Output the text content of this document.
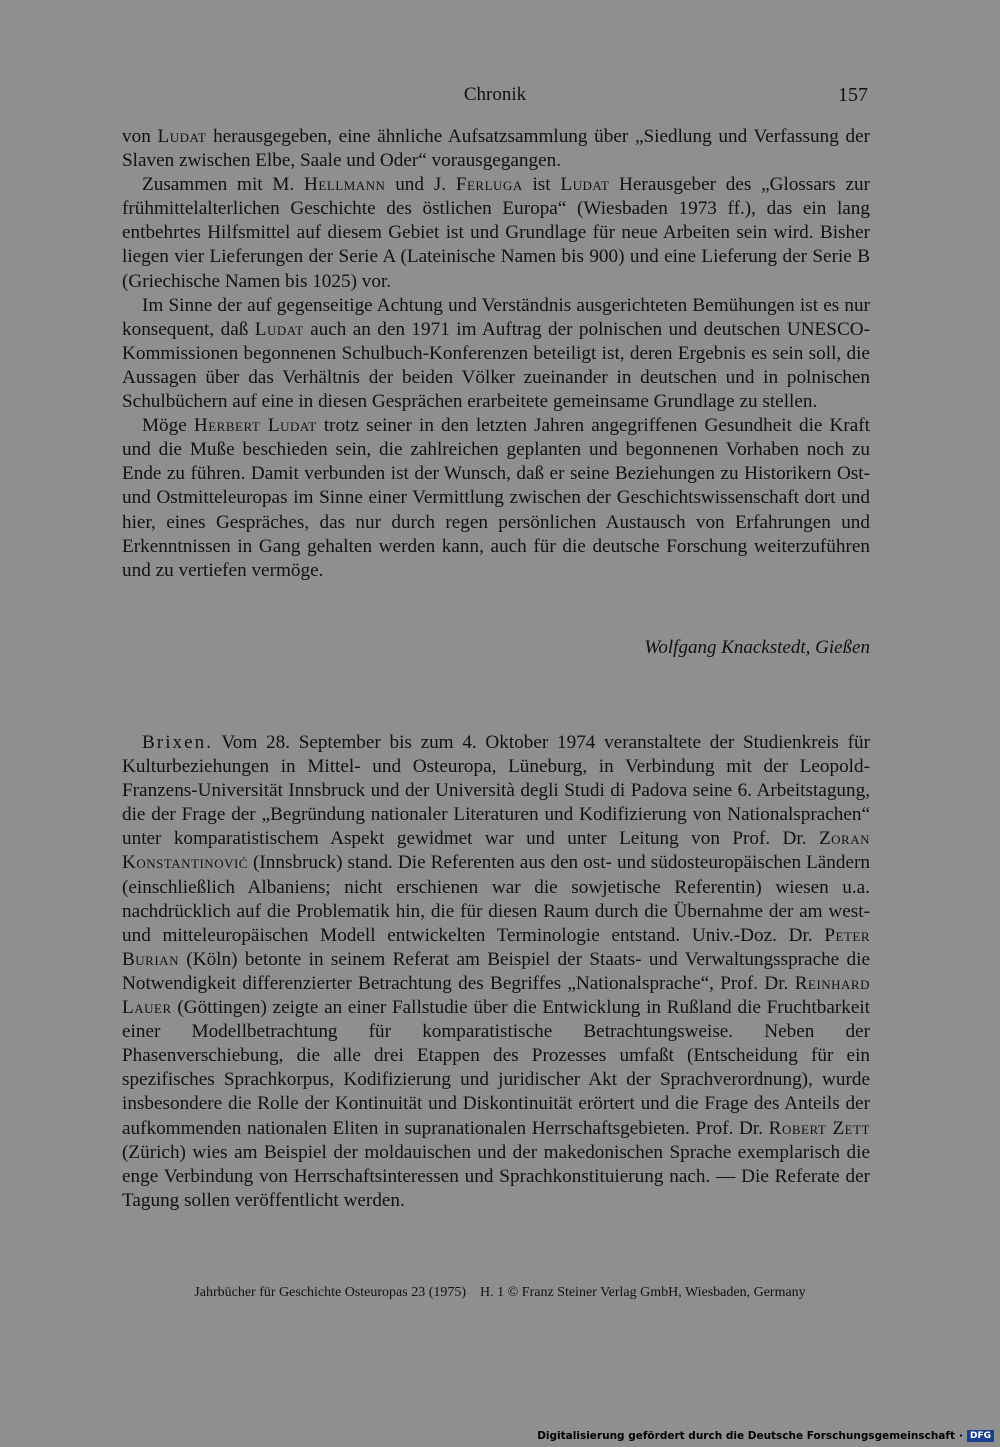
Chronik	157

von Ludat herausgegeben, eine ähnliche Aufsatzsammlung über „Siedlung und Verfassung der Slaven zwischen Elbe, Saale und Oder“ vorausgegangen.

Zusammen mit M. Hellmann und J. Ferluga ist Ludat Herausgeber des „Glossars zur frühmittelalterlichen Geschichte des östlichen Europa“ (Wiesbaden 1973 ff.), das ein lang entbehrtes Hilfsmittel auf diesem Gebiet ist und Grundlage für neue Arbeiten sein wird. Bisher liegen vier Lieferungen der Serie A (Lateinische Namen bis 900) und eine Lieferung der Serie B (Griechische Namen bis 1025) vor.

Im Sinne der auf gegenseitige Achtung und Verständnis ausgerichteten Bemühungen ist es nur konsequent, daß Ludat auch an den 1971 im Auftrag der polnischen und deutschen UNESCO-Kommissionen begonnenen Schulbuch-Konferenzen beteiligt ist, deren Ergebnis es sein soll, die Aussagen über das Verhältnis der beiden Völker zueinander in deutschen und in polnischen Schulbüchern auf eine in diesen Gesprächen erarbeitete gemeinsame Grundlage zu stellen.

Möge Herbert Ludat trotz seiner in den letzten Jahren angegriffenen Gesundheit die Kraft und die Muße beschieden sein, die zahlreichen geplanten und begonnenen Vorhaben noch zu Ende zu führen. Damit verbunden ist der Wunsch, daß er seine Beziehungen zu Historikern Ost- und Ostmitteleuropas im Sinne einer Vermittlung zwischen der Geschichtswissenschaft dort und hier, eines Gespräches, das nur durch regen persönlichen Austausch von Erfahrungen und Erkenntnissen in Gang gehalten werden kann, auch für die deutsche Forschung weiterzuführen und zu vertiefen vermöge.

Wolfgang Knackstedt, Gießen

Brixen. Vom 28. September bis zum 4. Oktober 1974 veranstaltete der Studienkreis für Kulturbeziehungen in Mittel- und Osteuropa, Lüneburg, in Verbindung mit der Leopold-Franzens-Universität Innsbruck und der Università degli Studi di Padova seine 6. Arbeitstagung, die der Frage der „Begründung nationaler Literaturen und Kodifizierung von Nationalsprachen“ unter komparatistischem Aspekt gewidmet war und unter Leitung von Prof. Dr. Zoran Konstantinović (Innsbruck) stand. Die Referenten aus den ost- und südosteuropäischen Ländern (einschließlich Albaniens; nicht erschienen war die sowjetische Referentin) wiesen u.a. nachdrücklich auf die Problematik hin, die für diesen Raum durch die Übernahme der am west- und mitteleuropäischen Modell entwickelten Terminologie entstand. Univ.-Doz. Dr. Peter Burian (Köln) betonte in seinem Referat am Beispiel der Staats- und Verwaltungssprache die Notwendigkeit differenzierter Betrachtung des Begriffes „Nationalsprache“, Prof. Dr. Reinhard Lauer (Göttingen) zeigte an einer Fallstudie über die Entwicklung in Rußland die Fruchtbarkeit einer Modellbetrachtung für komparatistische Betrachtungsweise. Neben der Phasenverschiebung, die alle drei Etappen des Prozesses umfaßt (Entscheidung für ein spezifisches Sprachkorpus, Kodifizierung und juridischer Akt der Sprachverordnung), wurde insbesondere die Rolle der Kontinuität und Diskontinuität erörtert und die Frage des Anteils der aufkommenden nationalen Eliten in supranationalen Herrschaftsgebieten. Prof. Dr. Robert Zett (Zürich) wies am Beispiel der moldauischen und der makedonischen Sprache exemplarisch die enge Verbindung von Herrschaftsinteressen und Sprachkonstituierung nach. — Die Referate der Tagung sollen veröffentlicht werden.

Jahrbücher für Geschichte Osteuropas 23 (1975)    H. 1 © Franz Steiner Verlag GmbH, Wiesbaden, Germany
Digitalisierung gefördert durch die Deutsche Forschungsgemeinschaft · DFG
